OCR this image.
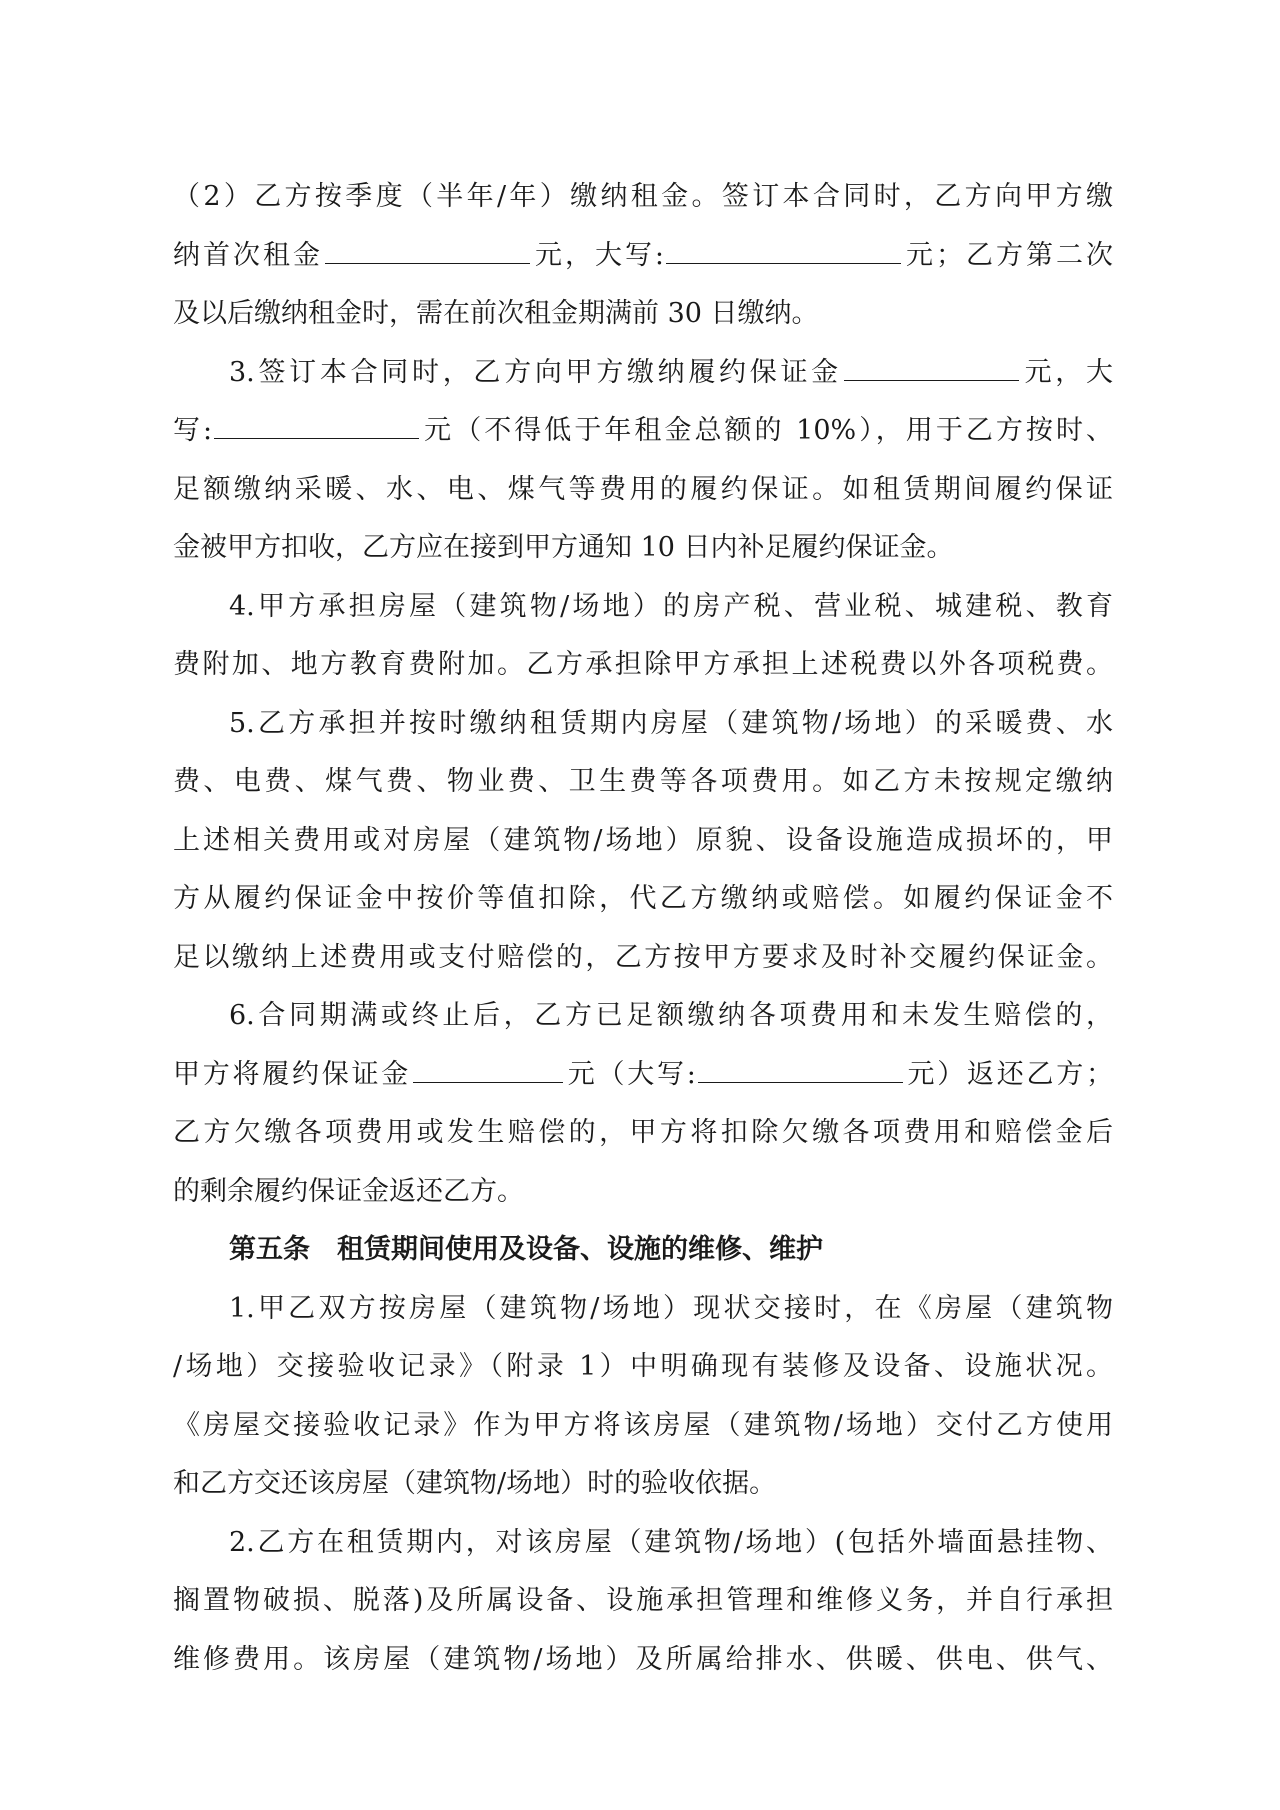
（2）乙方按季度（半年/年）缴纳租金。签订本合同时，乙方向甲方缴
纳首次租金	元，大写:	元；乙方第二次
及以后缴纳租金时，需在前次租金期满前 30 日缴纳。
3.签订本合同时，乙方向甲方缴纳履约保证金	元，大
写:	元（不得低于年租金总额的 10%），用于乙方按时、
足额缴纳采暖、水、电、煤气等费用的履约保证。如租赁期间履约保证
金被甲方扣收，乙方应在接到甲方通知 10 日内补足履约保证金。
4.甲方承担房屋（建筑物/场地）的房产税、营业税、城建税、教育
费附加、地方教育费附加。乙方承担除甲方承担上述税费以外各项税费。
5.乙方承担并按时缴纳租赁期内房屋（建筑物/场地）的采暖费、水
费、电费、煤气费、物业费、卫生费等各项费用。如乙方未按规定缴纳
上述相关费用或对房屋（建筑物/场地）原貌、设备设施造成损坏的，甲
方从履约保证金中按价等值扣除，代乙方缴纳或赔偿。如履约保证金不
足以缴纳上述费用或支付赔偿的，乙方按甲方要求及时补交履约保证金。
6.合同期满或终止后，乙方已足额缴纳各项费用和未发生赔偿的，
甲方将履约保证金	元（大写:	元）返还乙方；
乙方欠缴各项费用或发生赔偿的，甲方将扣除欠缴各项费用和赔偿金后
的剩余履约保证金返还乙方。
第五条　租赁期间使用及设备、设施的维修、维护
1.甲乙双方按房屋（建筑物/场地）现状交接时，在《房屋（建筑物
/场地）交接验收记录》（附录 1）中明确现有装修及设备、设施状况。
《房屋交接验收记录》作为甲方将该房屋（建筑物/场地）交付乙方使用
和乙方交还该房屋（建筑物/场地）时的验收依据。
2.乙方在租赁期内，对该房屋（建筑物/场地）(包括外墙面悬挂物、
搁置物破损、脱落)及所属设备、设施承担管理和维修义务，并自行承担
维修费用。该房屋（建筑物/场地）及所属给排水、供暖、供电、供气、
